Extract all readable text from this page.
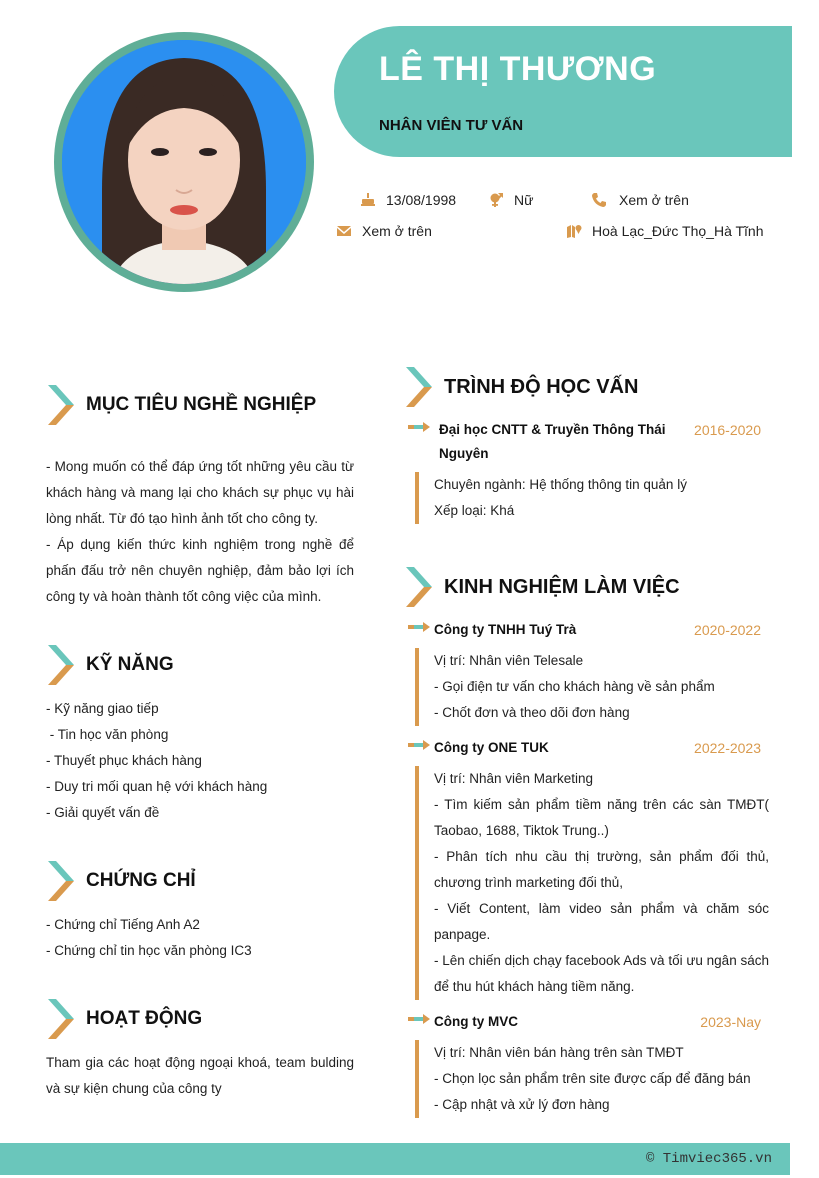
LÊ THỊ THƯƠNG
NHÂN VIÊN TƯ VẤN
13/08/1998	Nữ	Xem ở trên
Xem ở trên	Hoà Lạc_Đức Thọ_Hà Tĩnh
MỤC TIÊU NGHỀ NGHIỆP
- Mong muốn có thể đáp ứng tốt những yêu cầu từ khách hàng và mang lại cho khách sự phục vụ hài lòng nhất. Từ đó tạo hình ảnh tốt cho công ty.
- Áp dụng kiến thức kinh nghiệm trong nghề để phấn đấu trở nên chuyên nghiệp, đảm bảo lợi ích công ty và hoàn thành tốt công việc của mình.
KỸ NĂNG
- Kỹ năng giao tiếp
- Tin học văn phòng
- Thuyết phục khách hàng
- Duy tri mối quan hệ với khách hàng
- Giải quyết vấn đề
CHỨNG CHỈ
- Chứng chỉ Tiếng Anh A2
- Chứng chỉ tin học văn phòng IC3
HOẠT ĐỘNG
Tham gia các hoạt động ngoại khoá, team bulding và sự kiện chung của công ty
TRÌNH ĐỘ HỌC VẤN
Đại học CNTT & Truyền Thông Thái Nguyên
2016-2020
Chuyên ngành: Hệ thống thông tin quản lý
Xếp loại: Khá
KINH NGHIỆM LÀM VIỆC
Công ty TNHH Tuý Trà	2020-2022
Vị trí: Nhân viên Telesale
- Gọi điện tư vấn cho khách hàng về sản phẩm
- Chốt đơn và theo dõi đơn hàng
Công ty ONE TUK	2022-2023
Vị trí: Nhân viên Marketing
- Tìm kiếm sản phẩm tiềm năng trên các sàn TMĐT( Taobao, 1688, Tiktok Trung..)
- Phân tích nhu cầu thị trường, sản phẩm đối thủ, chương trình marketing đối thủ,
- Viết Content, làm video sản phẩm và chăm sóc panpage.
- Lên chiến dịch chạy facebook Ads và tối ưu ngân sách để thu hút khách hàng tiềm năng.
Công ty MVC	2023-Nay
Vị trí: Nhân viên bán hàng trên sàn TMĐT
- Chọn lọc sản phẩm trên site được cấp để đăng bán
- Cập nhật và xử lý đơn hàng
© Timviec365.vn
